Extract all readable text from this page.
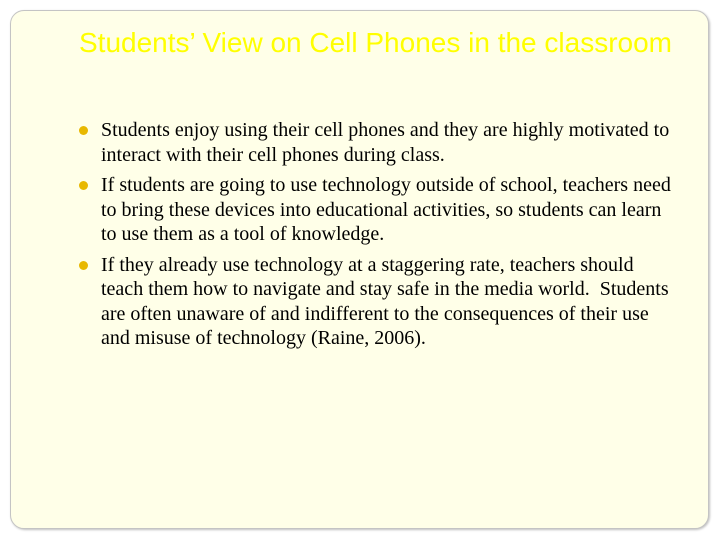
Students’ View on Cell Phones in the classroom
Students enjoy using their cell phones and they are highly motivated to interact with their cell phones during class.
If students are going to use technology outside of school, teachers need to bring these devices into educational activities, so students can learn to use them as a tool of knowledge.
If they already use technology at a staggering rate, teachers should teach them how to navigate and stay safe in the media world.  Students are often unaware of and indifferent to the consequences of their use and misuse of technology (Raine, 2006).
